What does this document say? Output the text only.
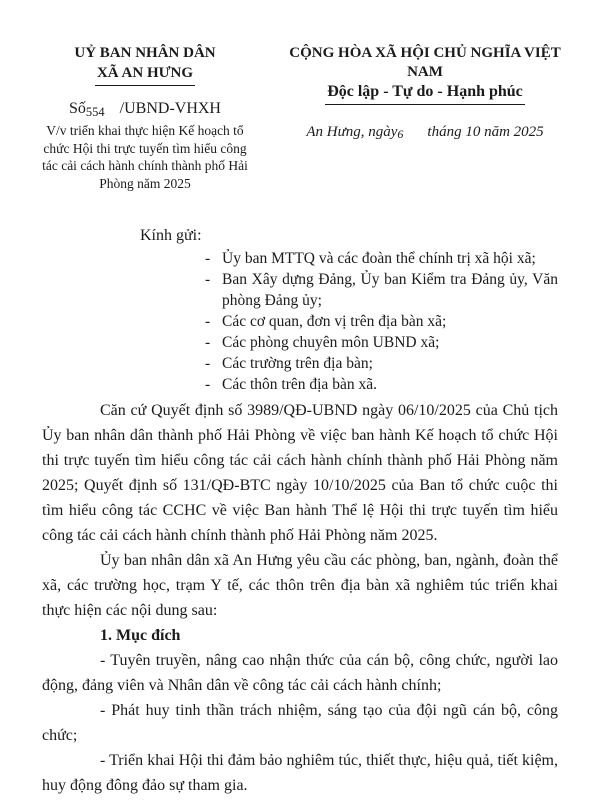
UỶ BAN NHÂN DÂN
XÃ AN HƯNG
Số554 /UBND-VHXH
V/v triển khai thực hiện Kế hoạch tổ chức Hội thi trực tuyến tìm hiểu công tác cải cách hành chính thành phố Hải Phòng năm 2025
CỘNG HÒA XÃ HỘI CHỦ NGHĨA VIỆT NAM
Độc lập - Tự do - Hạnh phúc
An Hưng, ngày6 tháng 10 năm 2025
Kính gửi:
- Ủy ban MTTQ và các đoàn thể chính trị xã hội xã;
- Ban Xây dựng Đảng, Ủy ban Kiểm tra Đảng ủy, Văn phòng Đảng ủy;
- Các cơ quan, đơn vị trên địa bàn xã;
- Các phòng chuyên môn UBND xã;
- Các trường trên địa bàn;
- Các thôn trên địa bàn xã.

Căn cứ Quyết định số 3989/QĐ-UBND ngày 06/10/2025 của Chủ tịch Ủy ban nhân dân thành phố Hải Phòng về việc ban hành Kế hoạch tổ chức Hội thi trực tuyến tìm hiểu công tác cải cách hành chính thành phố Hải Phòng năm 2025; Quyết định số 131/QĐ-BTC ngày 10/10/2025 của Ban tổ chức cuộc thi tìm hiểu công tác CCHC về việc Ban hành Thể lệ Hội thi trực tuyến tìm hiểu công tác cải cách hành chính thành phố Hải Phòng năm 2025.

Ủy ban nhân dân xã An Hưng yêu cầu các phòng, ban, ngành, đoàn thể xã, các trường học, trạm Y tế, các thôn trên địa bàn xã nghiêm túc triển khai thực hiện các nội dung sau:

1. Mục đích

- Tuyên truyền, nâng cao nhận thức của cán bộ, công chức, người lao động, đảng viên và Nhân dân về công tác cải cách hành chính;

- Phát huy tinh thần trách nhiệm, sáng tạo của đội ngũ cán bộ, công chức;

- Triển khai Hội thi đảm bảo nghiêm túc, thiết thực, hiệu quả, tiết kiệm, huy động đông đảo sự tham gia.
